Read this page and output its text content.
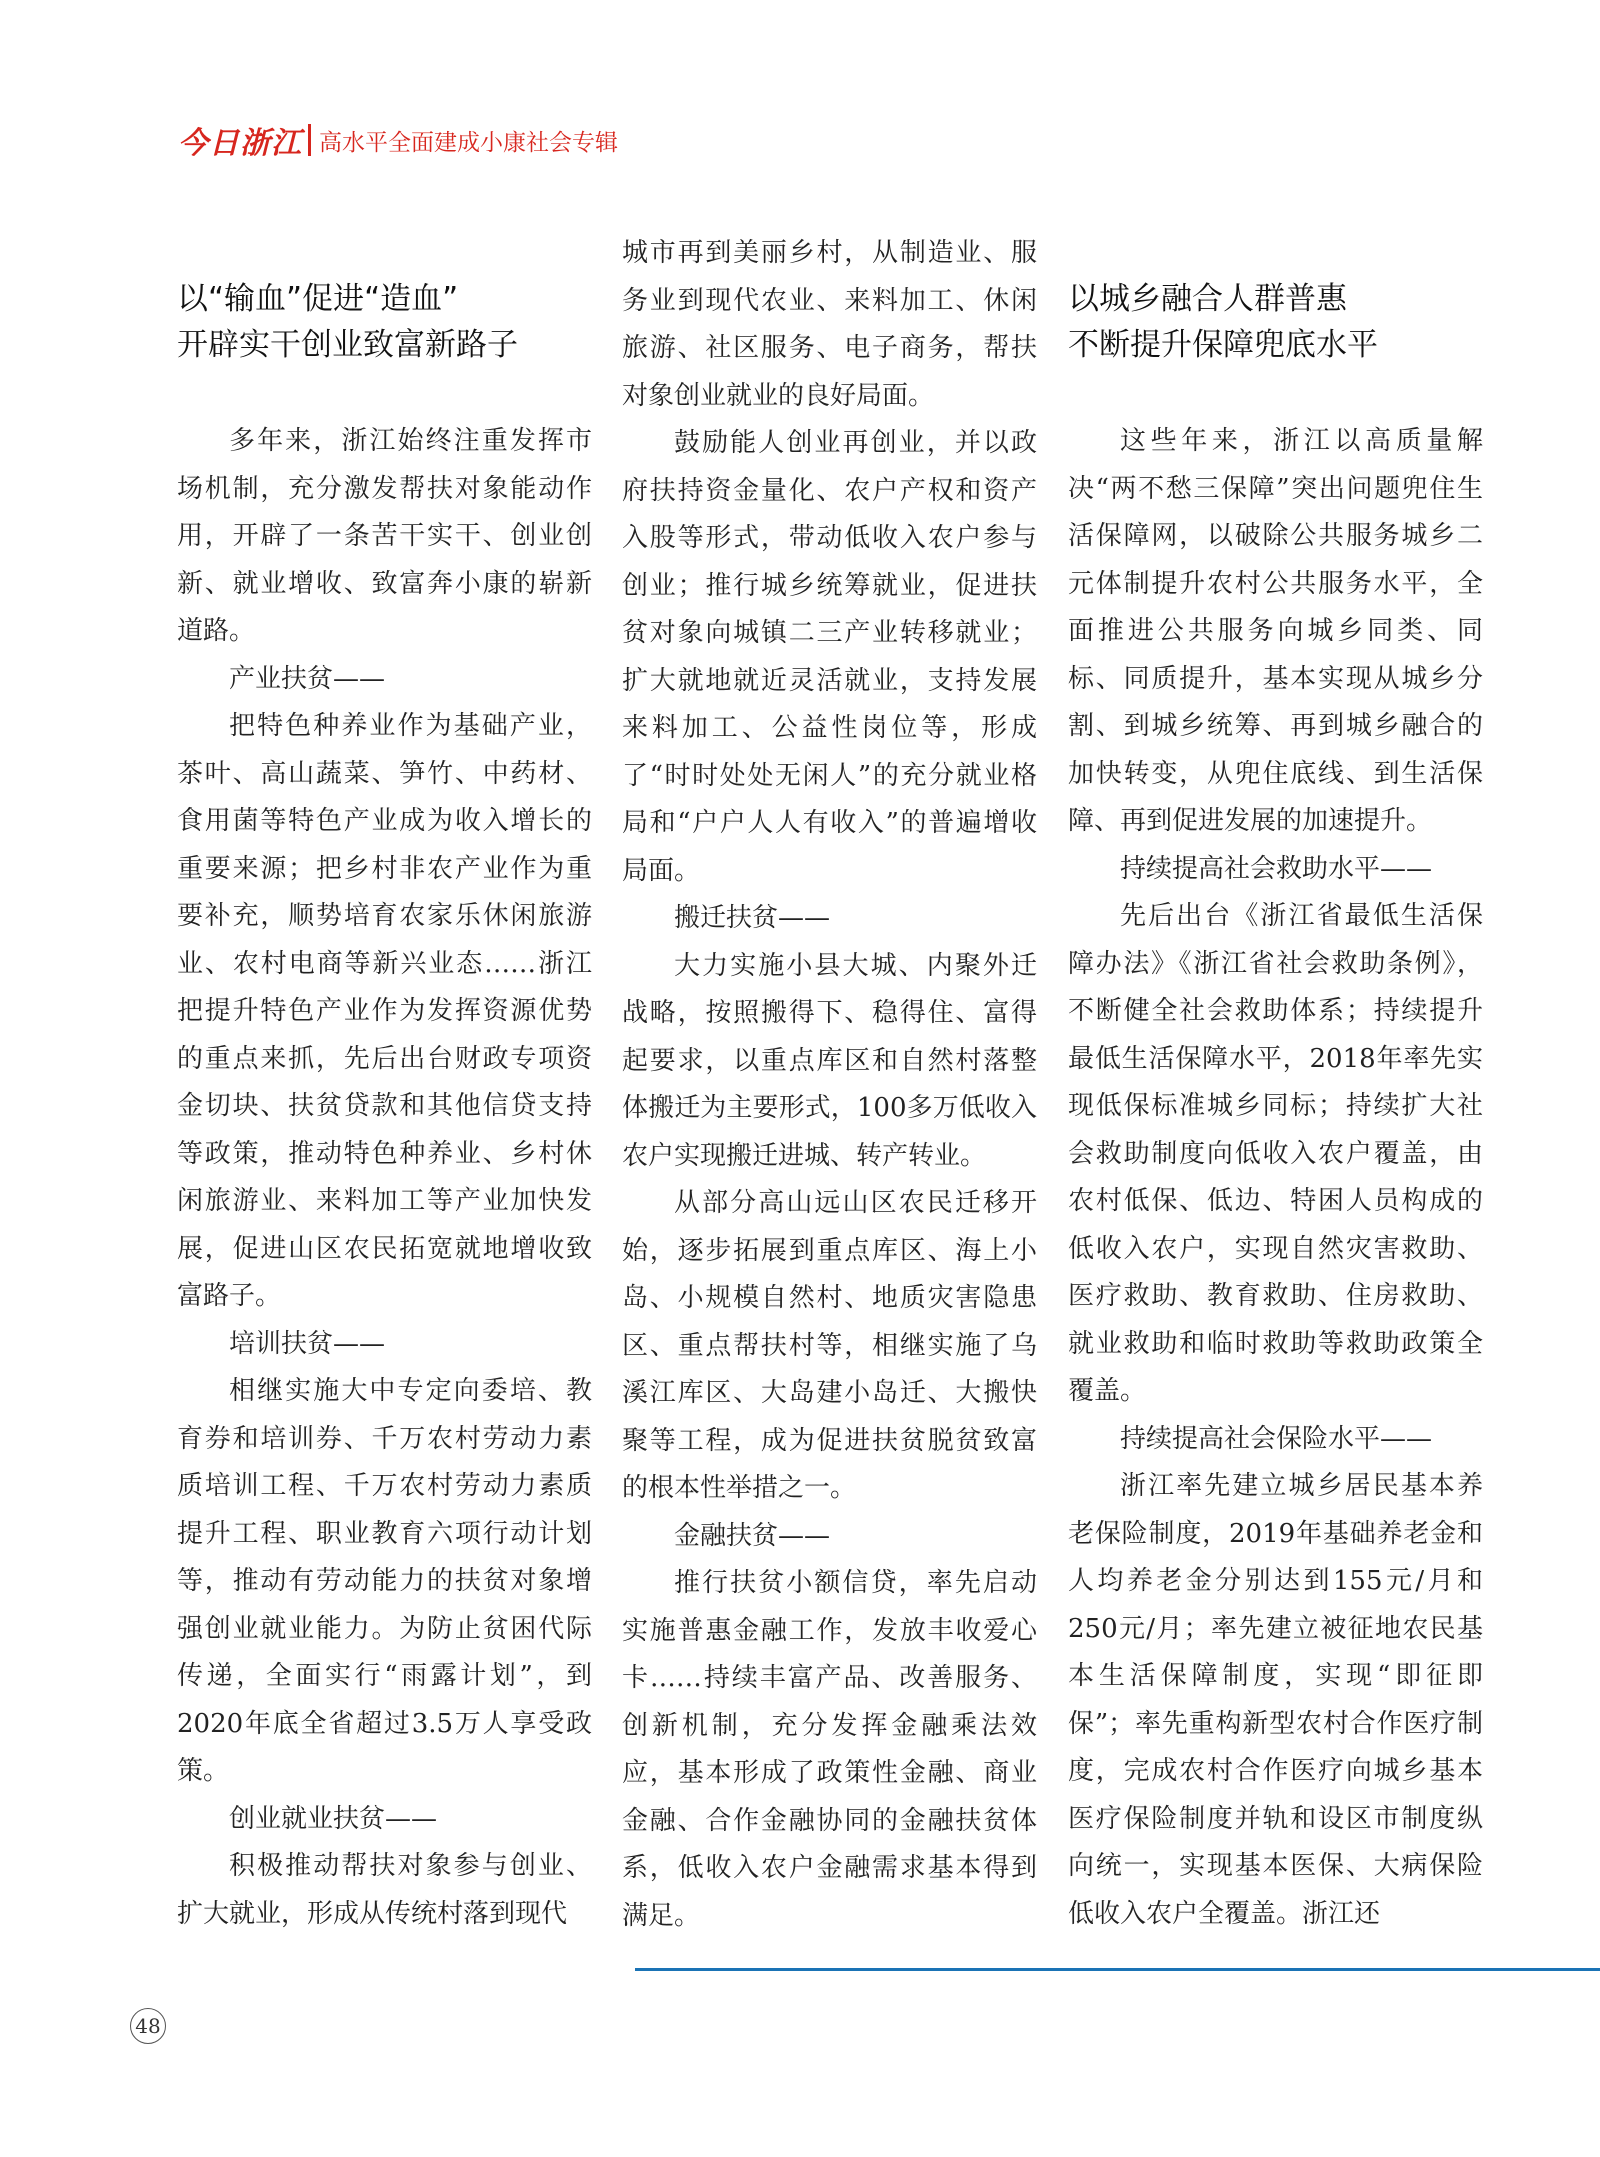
今日浙江 高水平全面建成小康社会专辑
以“输血”促进“造血”
开辟实干创业致富新路子

多年来，浙江始终注重发挥市场机制，充分激发帮扶对象能动作用，开辟了一条苦干实干、创业创新、就业增收、致富奔小康的崭新道路。

产业扶贫——

把特色种养业作为基础产业，茶叶、高山蔬菜、笋竹、中药材、食用菌等特色产业成为收入增长的重要来源；把乡村非农产业作为重要补充，顺势培育农家乐休闲旅游业、农村电商等新兴业态……浙江把提升特色产业作为发挥资源优势的重点来抓，先后出台财政专项资金切块、扶贫贷款和其他信贷支持等政策，推动特色种养业、乡村休闲旅游业、来料加工等产业加快发展，促进山区农民拓宽就地增收致富路子。

培训扶贫——

相继实施大中专定向委培、教育券和培训券、千万农村劳动力素质培训工程、千万农村劳动力素质提升工程、职业教育六项行动计划等，推动有劳动能力的扶贫对象增强创业就业能力。为防止贫困代际传递，全面实行“雨露计划”，到2020年底全省超过3.5万人享受政策。

创业就业扶贫——

积极推动帮扶对象参与创业、扩大就业，形成从传统村落到现代

城市再到美丽乡村，从制造业、服务业到现代农业、来料加工、休闲旅游、社区服务、电子商务，帮扶对象创业就业的良好局面。

鼓励能人创业再创业，并以政府扶持资金量化、农户产权和资产入股等形式，带动低收入农户参与创业；推行城乡统筹就业，促进扶贫对象向城镇二三产业转移就业；扩大就地就近灵活就业，支持发展来料加工、公益性岗位等，形成了“时时处处无闲人”的充分就业格局和“户户人人有收入”的普遍增收局面。

搬迁扶贫——

大力实施小县大城、内聚外迁战略，按照搬得下、稳得住、富得起要求，以重点库区和自然村落整体搬迁为主要形式，100多万低收入农户实现搬迁进城、转产转业。

从部分高山远山区农民迁移开始，逐步拓展到重点库区、海上小岛、小规模自然村、地质灾害隐患区、重点帮扶村等，相继实施了乌溪江库区、大岛建小岛迁、大搬快聚等工程，成为促进扶贫脱贫致富的根本性举措之一。

金融扶贫——

推行扶贫小额信贷，率先启动实施普惠金融工作，发放丰收爱心卡……持续丰富产品、改善服务、创新机制，充分发挥金融乘法效应，基本形成了政策性金融、商业金融、合作金融协同的金融扶贫体系，低收入农户金融需求基本得到满足。

以城乡融合人群普惠
不断提升保障兜底水平

这些年来，浙江以高质量解决“两不愁三保障”突出问题兜住生活保障网，以破除公共服务城乡二元体制提升农村公共服务水平，全面推进公共服务向城乡同类、同标、同质提升，基本实现从城乡分割、到城乡统筹、再到城乡融合的加快转变，从兜住底线、到生活保障、再到促进发展的加速提升。

持续提高社会救助水平——

先后出台《浙江省最低生活保障办法》《浙江省社会救助条例》，不断健全社会救助体系；持续提升最低生活保障水平，2018年率先实现低保标准城乡同标；持续扩大社会救助制度向低收入农户覆盖，由农村低保、低边、特困人员构成的低收入农户，实现自然灾害救助、医疗救助、教育救助、住房救助、就业救助和临时救助等救助政策全覆盖。

持续提高社会保险水平——

浙江率先建立城乡居民基本养老保险制度，2019年基础养老金和人均养老金分别达到155元/月和250元/月；率先建立被征地农民基本生活保障制度，实现“即征即保”；率先重构新型农村合作医疗制度，完成农村合作医疗向城乡基本医疗保险制度并轨和设区市制度纵向统一，实现基本医保、大病保险低收入农户全覆盖。浙江还

48
